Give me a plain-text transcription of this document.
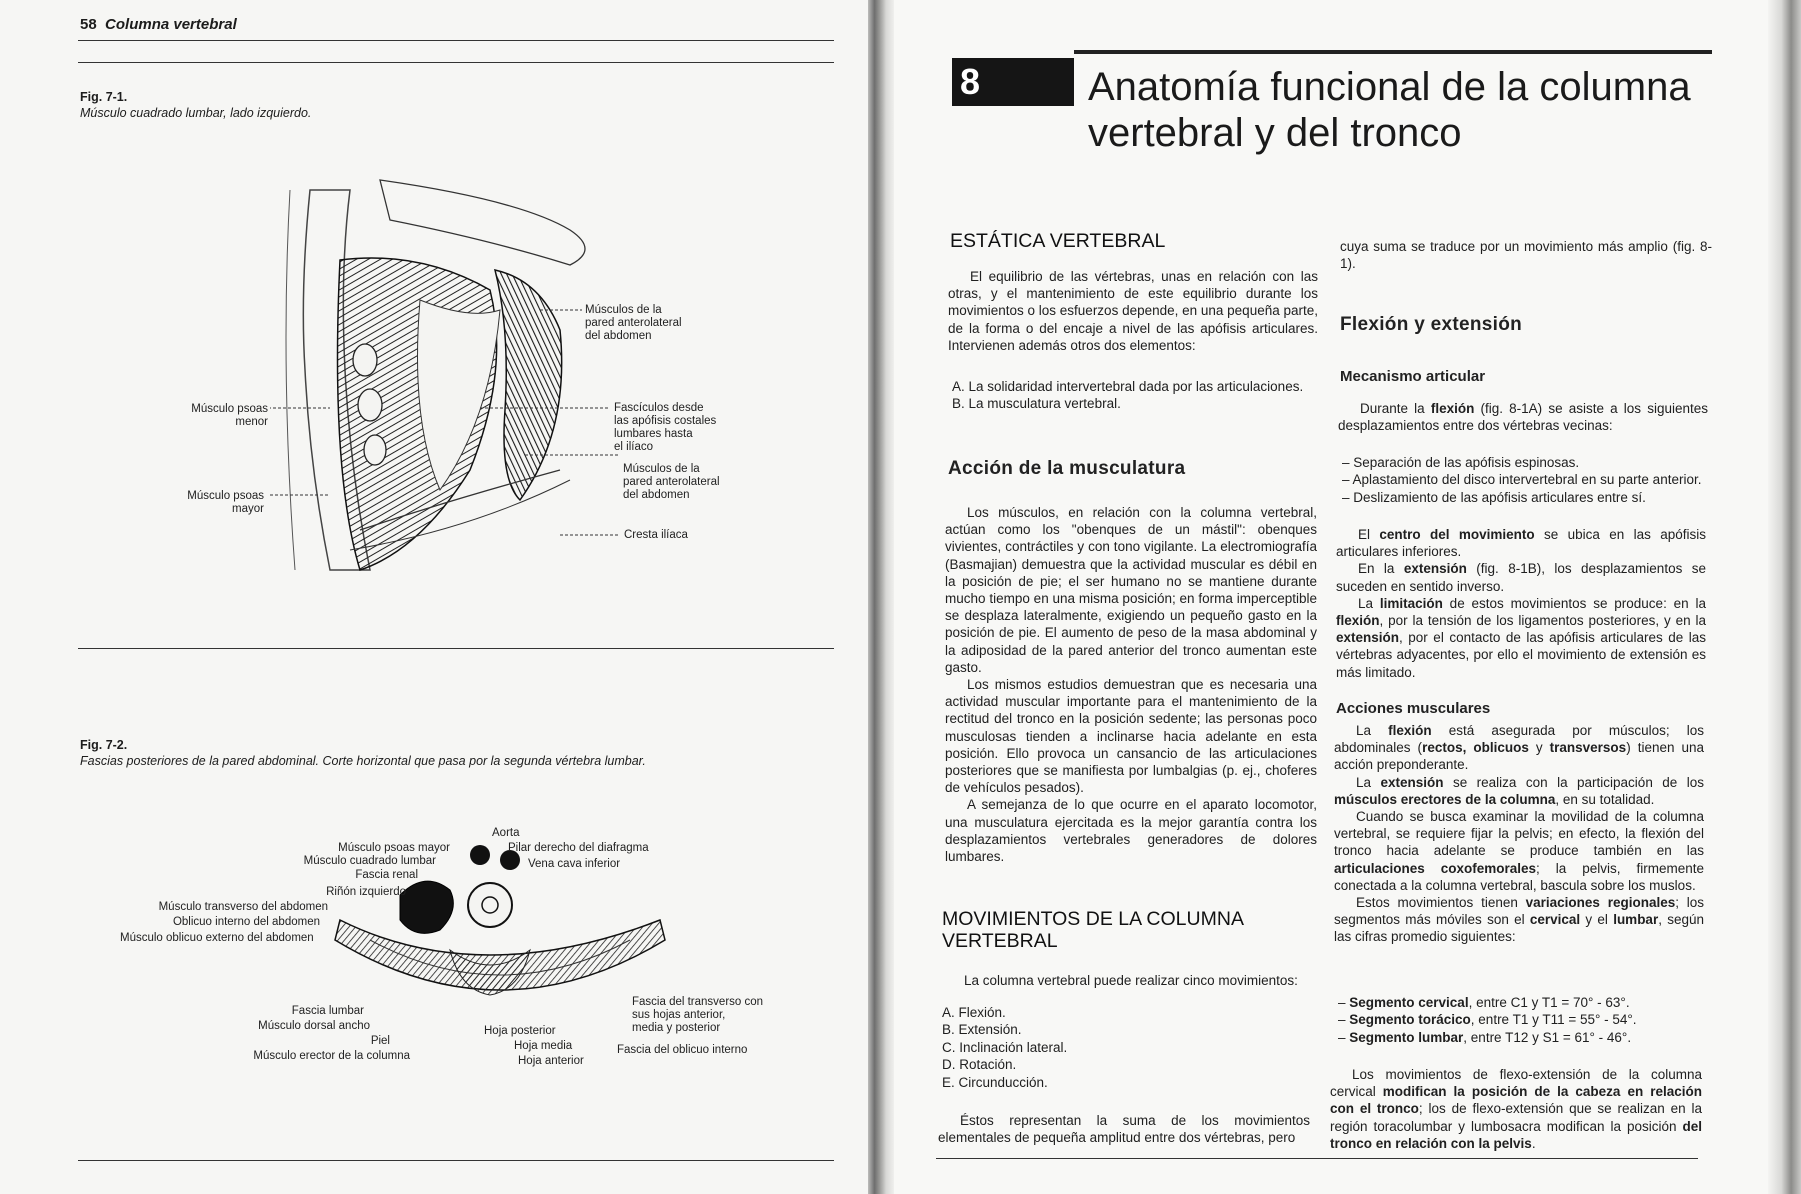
58 Columna vertebral
Fig. 7-1.
Músculo cuadrado lumbar, lado izquierdo.
Músculos de la
pared anterolateral
del abdomen
Fascículos desde
las apófisis costales
lumbares hasta
el ilíaco
Músculos de la
pared anterolateral
del abdomen
Cresta ilíaca
Músculo psoas
menor
Músculo psoas
mayor
Fig. 7-2.
Fascias posteriores de la pared abdominal. Corte horizontal que pasa por la segunda vértebra lumbar.
Aorta
Pilar derecho del diafragma
Vena cava inferior
Músculo psoas mayor
Músculo cuadrado lumbar
Fascia renal
Riñón izquierdo
Músculo transverso del abdomen
Oblicuo interno del abdomen
Músculo oblicuo externo del abdomen
Fascia lumbar
Músculo dorsal ancho
Piel
Músculo erector de la columna
Hoja posterior
Hoja media
Hoja anterior
Fascia del transverso con
sus hojas anterior,
media y posterior
Fascia del oblicuo interno
8	Anatomía funcional de la columna vertebral y del tronco
ESTÁTICA VERTEBRAL

El equilibrio de las vértebras, unas en relación con las otras, y el mantenimiento de este equilibrio durante los movimientos o los esfuerzos depende, en una pequeña parte, de la forma o del encaje a nivel de las apófisis articulares. Intervienen además otros dos elementos:

A. La solidaridad intervertebral dada por las articulaciones.
B. La musculatura vertebral.
Acción de la musculatura

Los músculos, en relación con la columna vertebral, actúan como los "obenques de un mástil": obenques vivientes, contráctiles y con tono vigilante. La electromiografía (Basmajian) demuestra que la actividad muscular es débil en la posición de pie; el ser humano no se mantiene durante mucho tiempo en una misma posición; en forma imperceptible se desplaza lateralmente, exigiendo un pequeño gasto en la posición de pie. El aumento de peso de la masa abdominal y la adiposidad de la pared anterior del tronco aumentan este gasto.

Los mismos estudios demuestran que es necesaria una actividad muscular importante para el mantenimiento de la rectitud del tronco en la posición sedente; las personas poco musculosas tienden a inclinarse hacia adelante en esta posición. Ello provoca un cansancio de las articulaciones posteriores que se manifiesta por lumbalgias (p. ej., choferes de vehículos pesados).

A semejanza de lo que ocurre en el aparato locomotor, una musculatura ejercitada es la mejor garantía contra los desplazamientos vertebrales generadores de dolores lumbares.

MOVIMIENTOS DE LA COLUMNA
VERTEBRAL

La columna vertebral puede realizar cinco movimientos:

A. Flexión.
B. Extensión.
C. Inclinación lateral.
D. Rotación.
E. Circunducción.

Éstos representan la suma de los movimientos elementales de pequeña amplitud entre dos vértebras, pero

cuya suma se traduce por un movimiento más amplio (fig. 8-1).

Flexión y extensión
Mecanismo articular

Durante la flexión (fig. 8-1A) se asiste a los siguientes desplazamientos entre dos vértebras vecinas:

– Separación de las apófisis espinosas.
– Aplastamiento del disco intervertebral en su parte anterior.
– Deslizamiento de las apófisis articulares entre sí.

El centro del movimiento se ubica en las apófisis articulares inferiores.

En la extensión (fig. 8-1B), los desplazamientos se suceden en sentido inverso.

La limitación de estos movimientos se produce: en la flexión, por la tensión de los ligamentos posteriores, y en la extensión, por el contacto de las apófisis articulares de las vértebras adyacentes, por ello el movimiento de extensión es más limitado.

Acciones musculares

La flexión está asegurada por músculos; los abdominales (rectos, oblicuos y transversos) tienen una acción preponderante.

La extensión se realiza con la participación de los músculos erectores de la columna, en su totalidad.

Cuando se busca examinar la movilidad de la columna vertebral, se requiere fijar la pelvis; en efecto, la flexión del tronco hacia adelante se produce también en las articulaciones coxofemorales; la pelvis, firmemente conectada a la columna vertebral, bascula sobre los muslos.

Estos movimientos tienen variaciones regionales; los segmentos más móviles son el cervical y el lumbar, según las cifras promedio siguientes:

– Segmento cervical, entre C1 y T1 = 70° - 63°.
– Segmento torácico, entre T1 y T11 = 55° - 54°.
– Segmento lumbar, entre T12 y S1 = 61° - 46°.

Los movimientos de flexo-extensión de la columna cervical modifican la posición de la cabeza en relación con el tronco; los de flexo-extensión que se realizan en la región toracolumbar y lumbosacra modifican la posición del tronco en relación con la pelvis.
